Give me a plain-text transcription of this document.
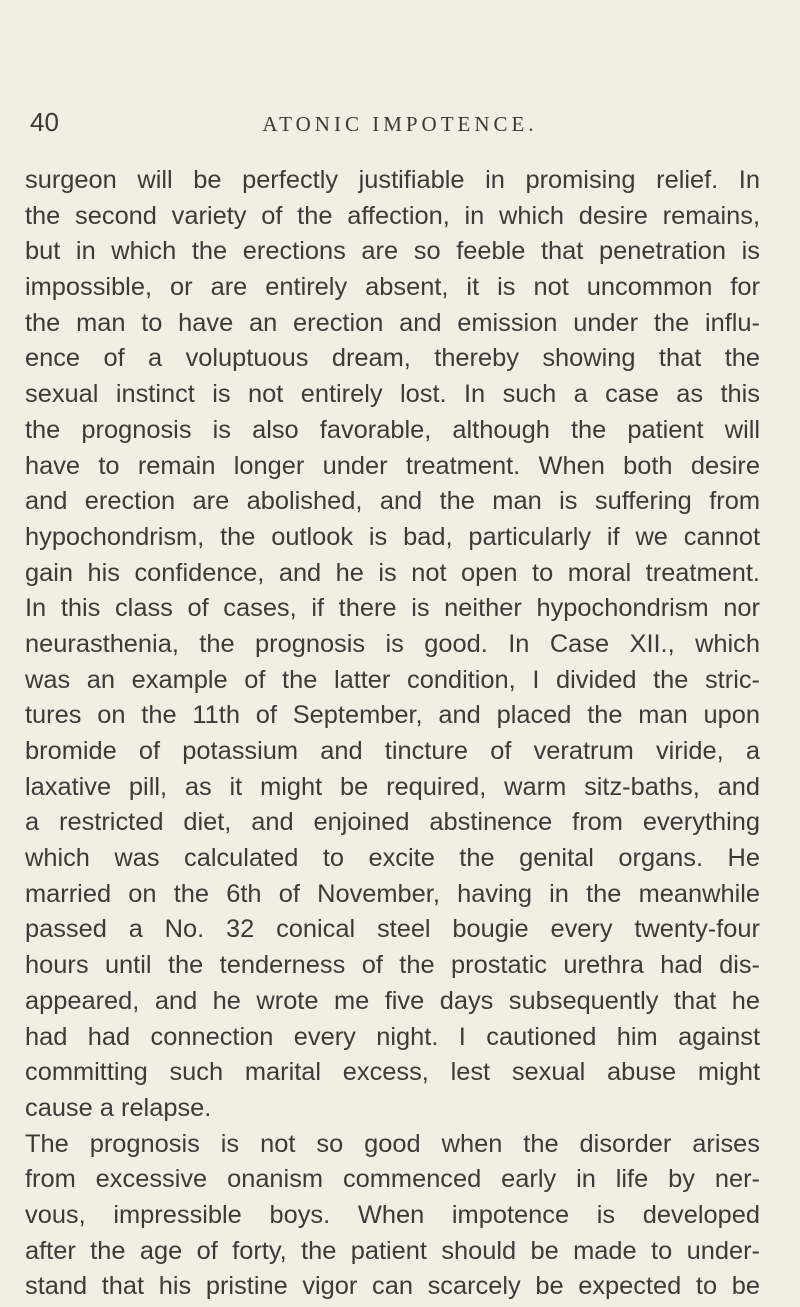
40	ATONIC IMPOTENCE.
surgeon will be perfectly justifiable in promising relief. In
the second variety of the affection, in which desire remains,
but in which the erections are so feeble that penetration is
impossible, or are entirely absent, it is not uncommon for
the man to have an erection and emission under the influ-
ence of a voluptuous dream, thereby showing that the
sexual instinct is not entirely lost. In such a case as this
the prognosis is also favorable, although the patient will
have to remain longer under treatment. When both desire
and erection are abolished, and the man is suffering from
hypochondrism, the outlook is bad, particularly if we cannot
gain his confidence, and he is not open to moral treatment.
In this class of cases, if there is neither hypochondrism nor
neurasthenia, the prognosis is good. In Case XII., which
was an example of the latter condition, I divided the stric-
tures on the 11th of September, and placed the man upon
bromide of potassium and tincture of veratrum viride, a
laxative pill, as it might be required, warm sitz-baths, and
a restricted diet, and enjoined abstinence from everything
which was calculated to excite the genital organs. He
married on the 6th of November, having in the meanwhile
passed a No. 32 conical steel bougie every twenty-four
hours until the tenderness of the prostatic urethra had dis-
appeared, and he wrote me five days subsequently that he
had had connection every night. I cautioned him against
committing such marital excess, lest sexual abuse might
cause a relapse.
The prognosis is not so good when the disorder arises
from excessive onanism commenced early in life by ner-
vous, impressible boys. When impotence is developed
after the age of forty, the patient should be made to under-
stand that his pristine vigor can scarcely be expected to be
